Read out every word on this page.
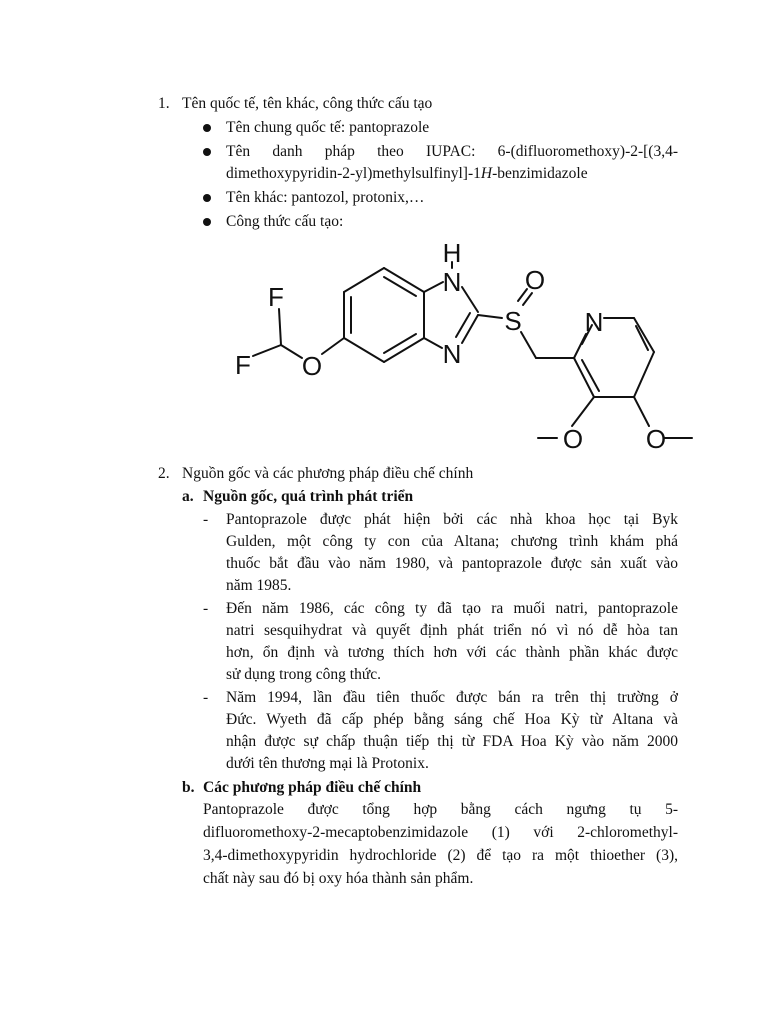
1. Tên quốc tế, tên khác, công thức cấu tạo
Tên chung quốc tế: pantoprazole
Tên danh pháp theo IUPAC: 6-(difluoromethoxy)-2-[(3,4-
dimethoxypyridin-2-yl)methylsulfinyl]-1H-benzimidazole
Tên khác: pantozol, protonix,…
Công thức cấu tạo:
H
N
N
O
S N
F
F O
O O
2. Nguồn gốc và các phương pháp điều chế chính
a. Nguồn gốc, quá trình phát triển
- Pantoprazole được phát hiện bởi các nhà khoa học tại Byk
Gulden, một công ty con của Altana; chương trình khám phá
thuốc bắt đầu vào năm 1980, và pantoprazole được sản xuất vào
năm 1985.
- Đến năm 1986, các công ty đã tạo ra muối natri, pantoprazole
natri sesquihydrat và quyết định phát triển nó vì nó dễ hòa tan
hơn, ổn định và tương thích hơn với các thành phần khác được
sử dụng trong công thức.
- Năm 1994, lần đầu tiên thuốc được bán ra trên thị trường ở
Đức. Wyeth đã cấp phép bằng sáng chế Hoa Kỳ từ Altana và
nhận được sự chấp thuận tiếp thị từ FDA Hoa Kỳ vào năm 2000
dưới tên thương mại là Protonix.
b. Các phương pháp điều chế chính
Pantoprazole được tổng hợp bằng cách ngưng tụ 5-
difluoromethoxy-2-mecaptobenzimidazole (1) với 2-chloromethyl-
3,4-dimethoxypyridin hydrochloride (2) để tạo ra một thioether (3),
chất này sau đó bị oxy hóa thành sản phẩm.
